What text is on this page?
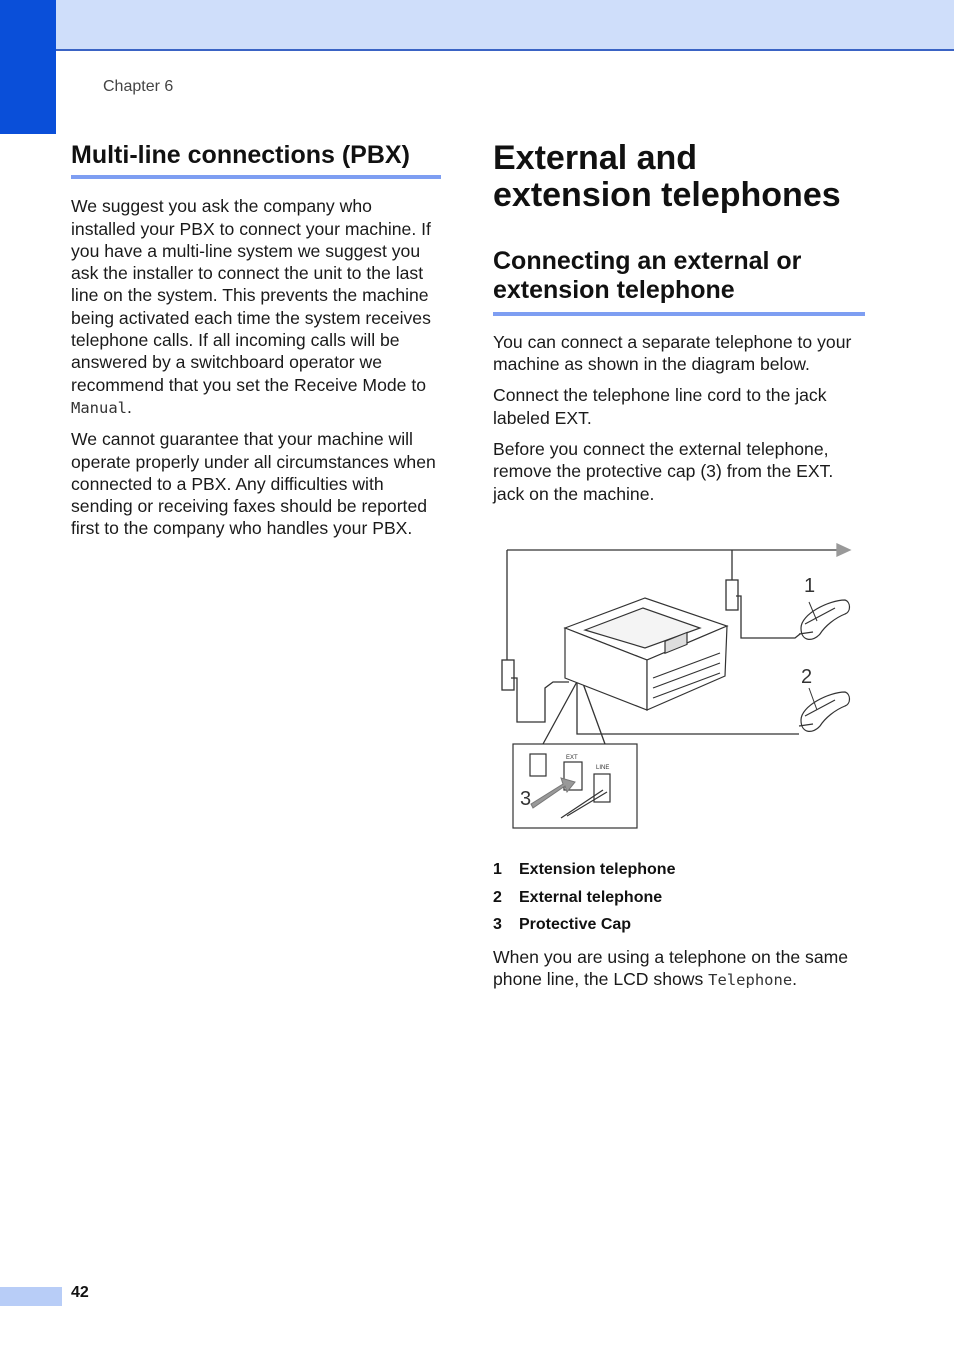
Chapter 6
Multi-line connections (PBX)

We suggest you ask the company who installed your PBX to connect your machine. If you have a multi-line system we suggest you ask the installer to connect the unit to the last line on the system. This prevents the machine being activated each time the system receives telephone calls. If all incoming calls will be answered by a switchboard operator we recommend that you set the Receive Mode to Manual.

We cannot guarantee that your machine will operate properly under all circumstances when connected to a PBX. Any difficulties with sending or receiving faxes should be reported first to the company who handles your PBX.

External and extension telephones
Connecting an external or extension telephone

You can connect a separate telephone to your machine as shown in the diagram below.

Connect the telephone line cord to the jack labeled EXT.

Before you connect the external telephone, remove the protective cap (3) from the EXT. jack on the machine.

1
2
EXT
LINE
3
1 Extension telephone
2 External telephone
3 Protective Cap

When you are using a telephone on the same phone line, the LCD shows Telephone.

42
